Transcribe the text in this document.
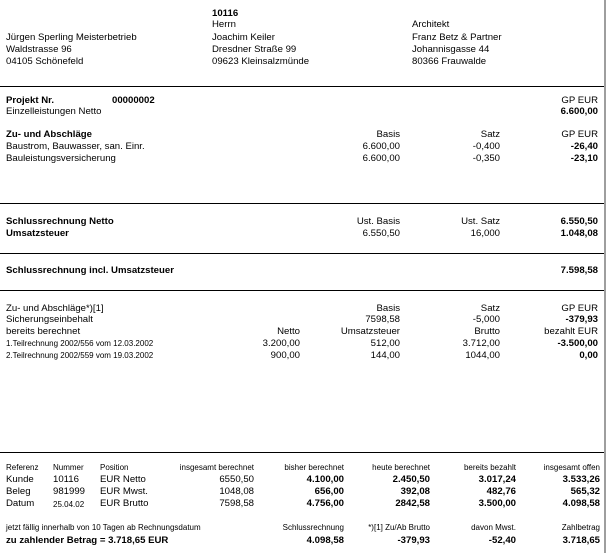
10116
Herrn	Architekt
Jürgen Sperling Meisterbetrieb
Waldstrasse 96
04105 Schönefeld
Joachim Keiler
Dresdner Straße 99
09623 Kleinsalzmünde
Franz Betz & Partner
Johannisgasse 44
80366 Frauwalde
Projekt Nr.	00000002	GP EUR
Einzelleistungen Netto	6.600,00
Zu- und Abschläge	Basis	Satz	GP EUR
Baustrom, Bauwasser, san. Einr.	6.600,00	-0,400	-26,40
Bauleistungsversicherung	6.600,00	-0,350	-23,10
Schlussrechnung Netto	Ust. Basis	Ust. Satz	6.550,50
Umsatzsteuer	6.550,50	16,000	1.048,08
Schlussrechnung incl. Umsatzsteuer	7.598,58
Zu- und Abschläge*)[1]	Basis	Satz	GP EUR
Sicherungseinbehalt	7598,58	-5,000	-379,93
bereits berechnet	Netto	Umsatzsteuer	Brutto	bezahlt EUR
1.Teilrechnung 2002/556 vom 12.03.2002	3.200,00	512,00	3.712,00	-3.500,00
2.Teilrechnung 2002/559 vom 19.03.2002	900,00	144,00	1044,00	0,00
Referenz Nummer Position	insgesamt berechnet	bisher berechnet	heute berechnet	bereits bezahlt	insgesamt offen
Kunde 10116 EUR Netto	6550,50	4.100,00	2.450,50	3.017,24	3.533,26
Beleg 981999 EUR Mwst.	1048,08	656,00	392,08	482,76	565,32
Datum 25.04.02 EUR Brutto	7598,58	4.756,00	2842,58	3.500,00	4.098,58
jetzt fällig innerhalb von 10 Tagen ab Rechnungsdatum	Schlussrechnung	*)[1] Zu/Ab Brutto	davon Mwst.	Zahlbetrag
zu zahlender Betrag = 3.718,65 EUR	4.098,58	-379,93	-52,40	3.718,65
